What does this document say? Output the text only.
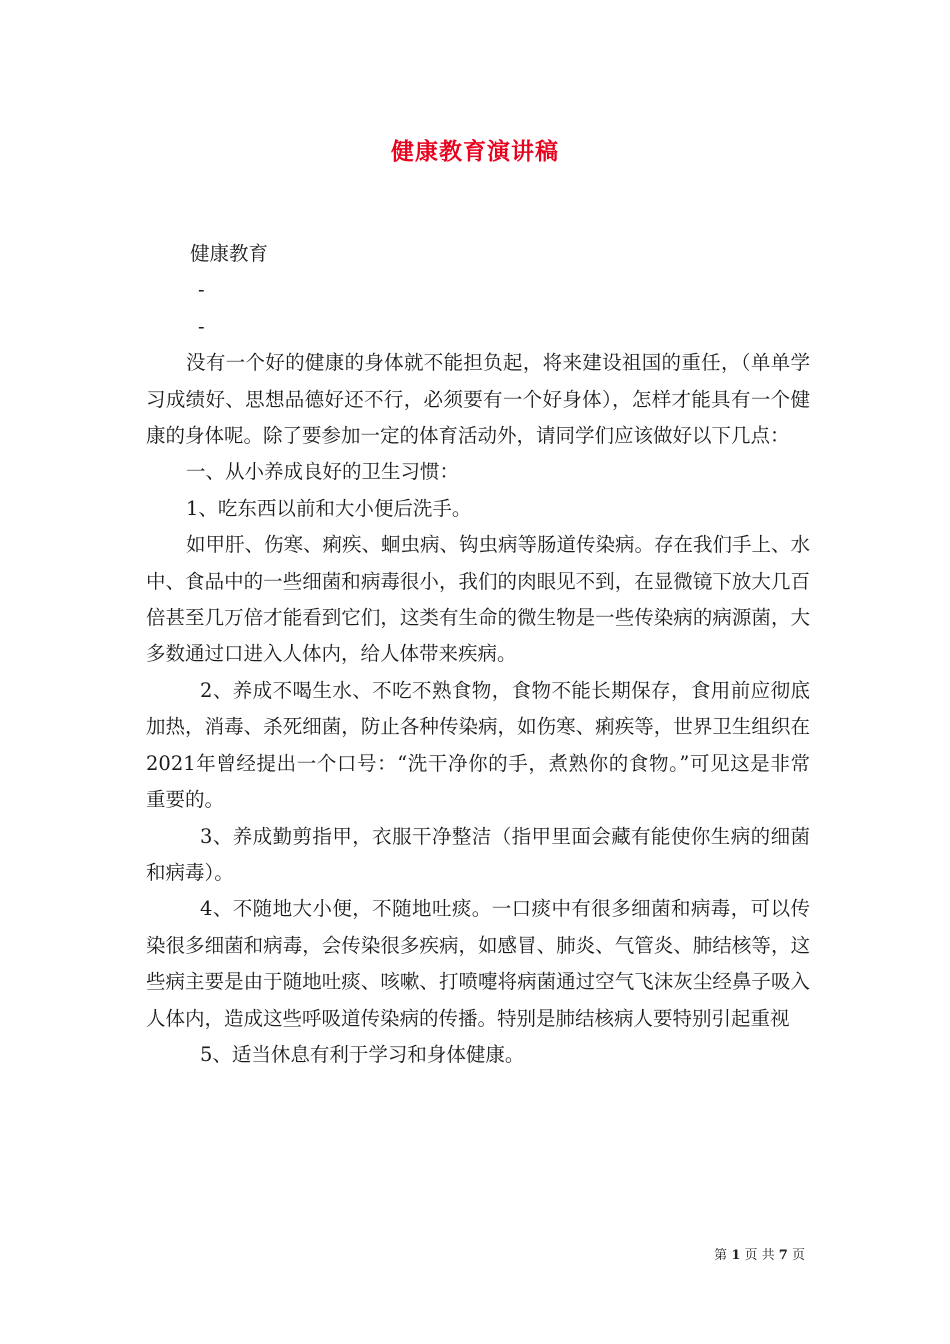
健康教育演讲稿

健康教育

-

-

没有一个好的健康的身体就不能担负起，将来建设祖国的重任，（单单学习成绩好、思想品德好还不行，必须要有一个好身体），怎样才能具有一个健康的身体呢。除了要参加一定的体育活动外，请同学们应该做好以下几点：

一、从小养成良好的卫生习惯：

1、吃东西以前和大小便后洗手。

如甲肝、伤寒、痢疾、蛔虫病、钩虫病等肠道传染病。存在我们手上、水中、食品中的一些细菌和病毒很小，我们的肉眼见不到，在显微镜下放大几百倍甚至几万倍才能看到它们，这类有生命的微生物是一些传染病的病源菌，大多数通过口进入人体内，给人体带来疾病。

2、养成不喝生水、不吃不熟食物，食物不能长期保存，食用前应彻底加热，消毒、杀死细菌，防止各种传染病，如伤寒、痢疾等，世界卫生组织在2021年曾经提出一个口号：“洗干净你的手，煮熟你的食物。”可见这是非常重要的。

3、养成勤剪指甲，衣服干净整洁（指甲里面会藏有能使你生病的细菌和病毒）。

4、不随地大小便，不随地吐痰。一口痰中有很多细菌和病毒，可以传染很多细菌和病毒，会传染很多疾病，如感冒、肺炎、气管炎、肺结核等，这些病主要是由于随地吐痰、咳嗽、打喷嚏将病菌通过空气飞沫灰尘经鼻子吸入人体内，造成这些呼吸道传染病的传播。特别是肺结核病人要特别引起重视

5、适当休息有利于学习和身体健康。

第 1 页 共 7 页
